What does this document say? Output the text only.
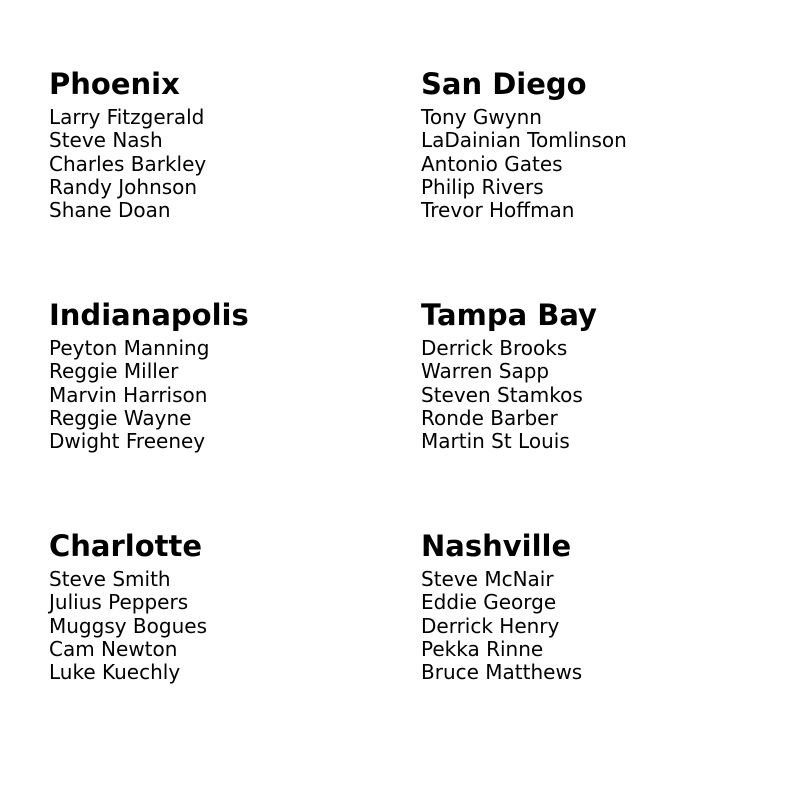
Phoenix
Larry Fitzgerald
Steve Nash
Charles Barkley
Randy Johnson
Shane Doan
San Diego
Tony Gwynn
LaDainian Tomlinson
Antonio Gates
Philip Rivers
Trevor Hoffman
Indianapolis
Peyton Manning
Reggie Miller
Marvin Harrison
Reggie Wayne
Dwight Freeney
Tampa Bay
Derrick Brooks
Warren Sapp
Steven Stamkos
Ronde Barber
Martin St Louis
Charlotte
Steve Smith
Julius Peppers
Muggsy Bogues
Cam Newton
Luke Kuechly
Nashville
Steve McNair
Eddie George
Derrick Henry
Pekka Rinne
Bruce Matthews
